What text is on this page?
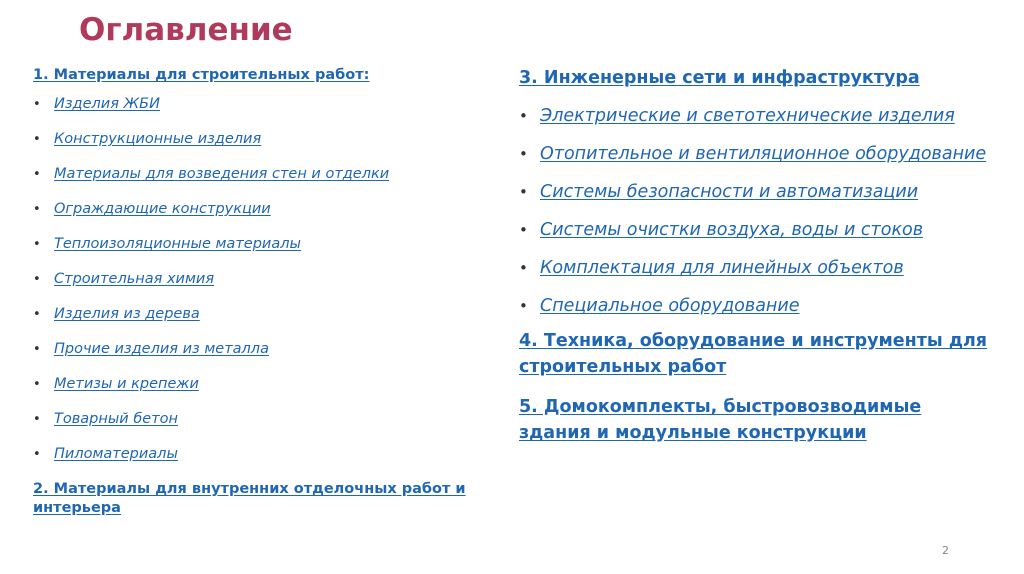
Оглавление
1. Материалы для строительных работ:
• Изделия ЖБИ
• Конструкционные изделия
• Материалы для возведения стен и отделки
• Ограждающие конструкции
• Теплоизоляционные материалы
• Строительная химия
• Изделия из дерева
• Прочие изделия из металла
• Метизы и крепежи
• Товарный бетон
• Пиломатериалы
2. Материалы для внутренних отделочных работ и интерьера
3. Инженерные сети и инфраструктура
• Электрические и светотехнические изделия
• Отопительное и вентиляционное оборудование
• Системы безопасности и автоматизации
• Системы очистки воздуха, воды и стоков
• Комплектация для линейных объектов
• Специальное оборудование
4. Техника, оборудование и инструменты для строительных работ
5. Домокомплекты, быстровозводимые здания и модульные конструкции
2
